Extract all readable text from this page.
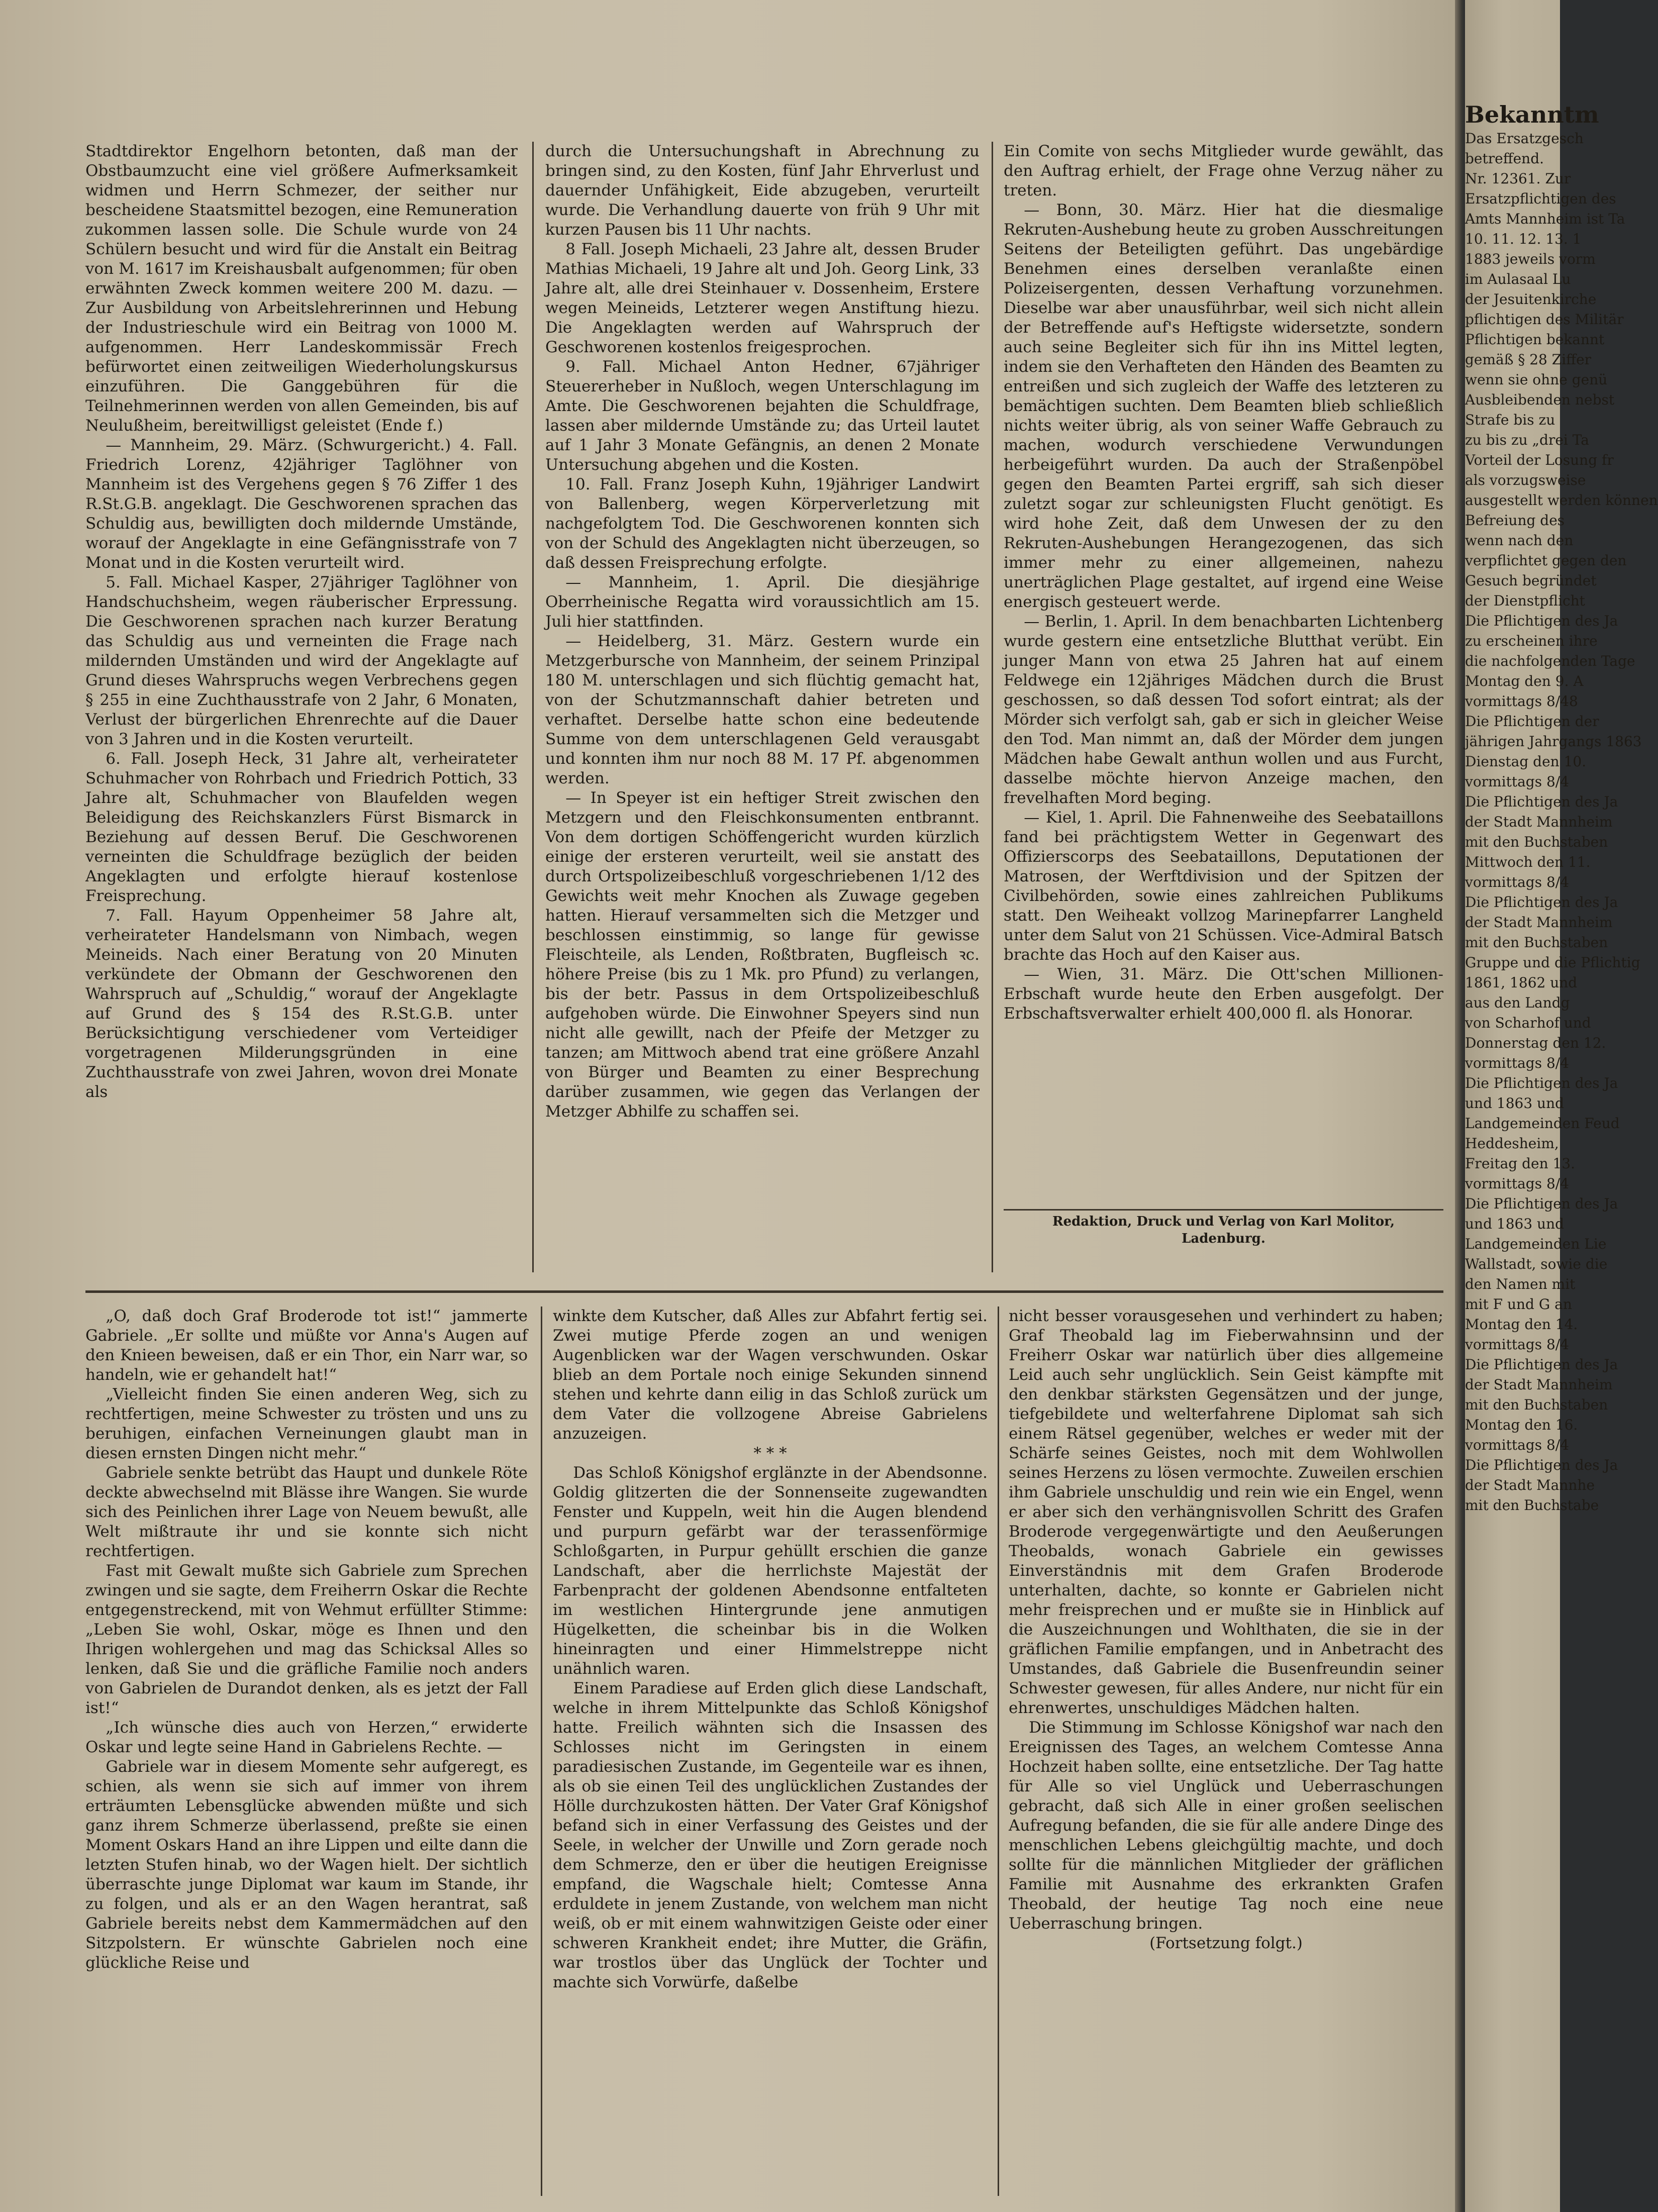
Stadtdirektor Engelhorn betonten, daß man der Obstbaumzucht eine viel größere Aufmerksamkeit widmen und Herrn Schmezer, der seither nur bescheidene Staatsmittel bezogen, eine Remuneration zukommen lassen solle. Die Schule wurde von 24 Schülern besucht und wird für die Anstalt ein Beitrag von M. 1617 im Kreishausbalt aufgenommen; für oben erwähnten Zweck kommen weitere 200 M. dazu. — Zur Ausbildung von Arbeitslehrerinnen und Hebung der Industrieschule wird ein Beitrag von 1000 M. aufgenommen. Herr Landeskommissär Frech befürwortet einen zeitweiligen Wiederholungskursus einzuführen. Die Ganggebühren für die Teilnehmerinnen werden von allen Gemeinden, bis auf Neulußheim, bereitwilligst geleistet (Ende f.)

— Mannheim, 29. März. (Schwurgericht.) 4. Fall. Friedrich Lorenz, 42jähriger Taglöhner von Mannheim ist des Vergehens gegen § 76 Ziffer 1 des R.St.G.B. angeklagt. Die Geschworenen sprachen das Schuldig aus, bewilligten doch mildernde Umstände, worauf der Angeklagte in eine Gefängnisstrafe von 7 Monat und in die Kosten verurteilt wird.

5. Fall. Michael Kasper, 27jähriger Taglöhner von Handschuchsheim, wegen räuberischer Erpressung. Die Geschworenen sprachen nach kurzer Beratung das Schuldig aus und verneinten die Frage nach mildernden Umständen und wird der Angeklagte auf Grund dieses Wahrspruchs wegen Verbrechens gegen § 255 in eine Zuchthausstrafe von 2 Jahr, 6 Monaten, Verlust der bürgerlichen Ehrenrechte auf die Dauer von 3 Jahren und in die Kosten verurteilt.

6. Fall. Joseph Heck, 31 Jahre alt, verheirateter Schuhmacher von Rohrbach und Friedrich Pottich, 33 Jahre alt, Schuhmacher von Blaufelden wegen Beleidigung des Reichskanzlers Fürst Bismarck in Beziehung auf dessen Beruf. Die Geschworenen verneinten die Schuldfrage bezüglich der beiden Angeklagten und erfolgte hierauf kostenlose Freisprechung.

7. Fall. Hayum Oppenheimer 58 Jahre alt, verheirateter Handelsmann von Nimbach, wegen Meineids. Nach einer Beratung von 20 Minuten verkündete der Obmann der Geschworenen den Wahrspruch auf „Schuldig,“ worauf der Angeklagte auf Grund des § 154 des R.St.G.B. unter Berücksichtigung verschiedener vom Verteidiger vorgetragenen Milderungsgründen in eine Zuchthausstrafe von zwei Jahren, wovon drei Monate als

durch die Untersuchungshaft in Abrechnung zu bringen sind, zu den Kosten, fünf Jahr Ehrverlust und dauernder Unfähigkeit, Eide abzugeben, verurteilt wurde. Die Verhandlung dauerte von früh 9 Uhr mit kurzen Pausen bis 11 Uhr nachts.

8 Fall. Joseph Michaeli, 23 Jahre alt, dessen Bruder Mathias Michaeli, 19 Jahre alt und Joh. Georg Link, 33 Jahre alt, alle drei Steinhauer v. Dossenheim, Erstere wegen Meineids, Letzterer wegen Anstiftung hiezu. Die Angeklagten werden auf Wahrspruch der Geschworenen kostenlos freigesprochen.

9. Fall. Michael Anton Hedner, 67jähriger Steuererheber in Nußloch, wegen Unterschlagung im Amte. Die Geschworenen bejahten die Schuldfrage, lassen aber mildernde Umstände zu; das Urteil lautet auf 1 Jahr 3 Monate Gefängnis, an denen 2 Monate Untersuchung abgehen und die Kosten.

10. Fall. Franz Joseph Kuhn, 19jähriger Landwirt von Ballenberg, wegen Körperverletzung mit nachgefolgtem Tod. Die Geschworenen konnten sich von der Schuld des Angeklagten nicht überzeugen, so daß dessen Freisprechung erfolgte.

— Mannheim, 1. April. Die diesjährige Oberrheinische Regatta wird voraussichtlich am 15. Juli hier stattfinden.

— Heidelberg, 31. März. Gestern wurde ein Metzgerbursche von Mannheim, der seinem Prinzipal 180 M. unterschlagen und sich flüchtig gemacht hat, von der Schutzmannschaft dahier betreten und verhaftet. Derselbe hatte schon eine bedeutende Summe von dem unterschlagenen Geld verausgabt und konnten ihm nur noch 88 M. 17 Pf. abgenommen werden.

— In Speyer ist ein heftiger Streit zwischen den Metzgern und den Fleischkonsumenten entbrannt. Von dem dortigen Schöffengericht wurden kürzlich einige der ersteren verurteilt, weil sie anstatt des durch Ortspolizeibeschluß vorgeschriebenen 1/12 des Gewichts weit mehr Knochen als Zuwage gegeben hatten. Hierauf versammelten sich die Metzger und beschlossen einstimmig, so lange für gewisse Fleischteile, als Lenden, Roßtbraten, Bugfleisch ꝛc. höhere Preise (bis zu 1 Mk. pro Pfund) zu verlangen, bis der betr. Passus in dem Ortspolizeibeschluß aufgehoben würde. Die Einwohner Speyers sind nun nicht alle gewillt, nach der Pfeife der Metzger zu tanzen; am Mittwoch abend trat eine größere Anzahl von Bürger und Beamten zu einer Besprechung darüber zusammen, wie gegen das Verlangen der Metzger Abhilfe zu schaffen sei.

Ein Comite von sechs Mitglieder wurde gewählt, das den Auftrag erhielt, der Frage ohne Verzug näher zu treten.

— Bonn, 30. März. Hier hat die diesmalige Rekruten-Aushebung heute zu groben Ausschreitungen Seitens der Beteiligten geführt. Das ungebärdige Benehmen eines derselben veranlaßte einen Polizeisergenten, dessen Verhaftung vorzunehmen. Dieselbe war aber unausführbar, weil sich nicht allein der Betreffende auf's Heftigste widersetzte, sondern auch seine Begleiter sich für ihn ins Mittel legten, indem sie den Verhafteten den Händen des Beamten zu entreißen und sich zugleich der Waffe des letzteren zu bemächtigen suchten. Dem Beamten blieb schließlich nichts weiter übrig, als von seiner Waffe Gebrauch zu machen, wodurch verschiedene Verwundungen herbeigeführt wurden. Da auch der Straßenpöbel gegen den Beamten Partei ergriff, sah sich dieser zuletzt sogar zur schleunigsten Flucht genötigt. Es wird hohe Zeit, daß dem Unwesen der zu den Rekruten-Aushebungen Herangezogenen, das sich immer mehr zu einer allgemeinen, nahezu unerträglichen Plage gestaltet, auf irgend eine Weise energisch gesteuert werde.

— Berlin, 1. April. In dem benachbarten Lichtenberg wurde gestern eine entsetzliche Blutthat verübt. Ein junger Mann von etwa 25 Jahren hat auf einem Feldwege ein 12jähriges Mädchen durch die Brust geschossen, so daß dessen Tod sofort eintrat; als der Mörder sich verfolgt sah, gab er sich in gleicher Weise den Tod. Man nimmt an, daß der Mörder dem jungen Mädchen habe Gewalt anthun wollen und aus Furcht, dasselbe möchte hiervon Anzeige machen, den frevelhaften Mord beging.

— Kiel, 1. April. Die Fahnenweihe des Seebataillons fand bei prächtigstem Wetter in Gegenwart des Offizierscorps des Seebataillons, Deputationen der Matrosen, der Werftdivision und der Spitzen der Civilbehörden, sowie eines zahlreichen Publikums statt. Den Weiheakt vollzog Marinepfarrer Langheld unter dem Salut von 21 Schüssen. Vice-Admiral Batsch brachte das Hoch auf den Kaiser aus.

— Wien, 31. März. Die Ott'schen Millionen-Erbschaft wurde heute den Erben ausgefolgt. Der Erbschaftsverwalter erhielt 400,000 fl. als Honorar.

Redaktion, Druck und Verlag von Karl Molitor,
Ladenburg.

„O, daß doch Graf Broderode tot ist!“ jammerte Gabriele. „Er sollte und müßte vor Anna's Augen auf den Knieen beweisen, daß er ein Thor, ein Narr war, so handeln, wie er gehandelt hat!“

„Vielleicht finden Sie einen anderen Weg, sich zu rechtfertigen, meine Schwester zu trösten und uns zu beruhigen, einfachen Verneinungen glaubt man in diesen ernsten Dingen nicht mehr.“

Gabriele senkte betrübt das Haupt und dunkele Röte deckte abwechselnd mit Blässe ihre Wangen. Sie wurde sich des Peinlichen ihrer Lage von Neuem bewußt, alle Welt mißtraute ihr und sie konnte sich nicht rechtfertigen.

Fast mit Gewalt mußte sich Gabriele zum Sprechen zwingen und sie sagte, dem Freiherrn Oskar die Rechte entgegenstreckend, mit von Wehmut erfüllter Stimme: „Leben Sie wohl, Oskar, möge es Ihnen und den Ihrigen wohlergehen und mag das Schicksal Alles so lenken, daß Sie und die gräfliche Familie noch anders von Gabrielen de Durandot denken, als es jetzt der Fall ist!“

„Ich wünsche dies auch von Herzen,“ erwiderte Oskar und legte seine Hand in Gabrielens Rechte. —

Gabriele war in diesem Momente sehr aufgeregt, es schien, als wenn sie sich auf immer von ihrem erträumten Lebensglücke abwenden müßte und sich ganz ihrem Schmerze überlassend, preßte sie einen Moment Oskars Hand an ihre Lippen und eilte dann die letzten Stufen hinab, wo der Wagen hielt. Der sichtlich überraschte junge Diplomat war kaum im Stande, ihr zu folgen, und als er an den Wagen herantrat, saß Gabriele bereits nebst dem Kammermädchen auf den Sitzpolstern. Er wünschte Gabrielen noch eine glückliche Reise und

winkte dem Kutscher, daß Alles zur Abfahrt fertig sei. Zwei mutige Pferde zogen an und wenigen Augenblicken war der Wagen verschwunden. Oskar blieb an dem Portale noch einige Sekunden sinnend stehen und kehrte dann eilig in das Schloß zurück um dem Vater die vollzogene Abreise Gabrielens anzuzeigen.

* * *

Das Schloß Königshof erglänzte in der Abendsonne. Goldig glitzerten die der Sonnenseite zugewandten Fenster und Kuppeln, weit hin die Augen blendend und purpurn gefärbt war der terassenförmige Schloßgarten, in Purpur gehüllt erschien die ganze Landschaft, aber die herrlichste Majestät der Farbenpracht der goldenen Abendsonne entfalteten im westlichen Hintergrunde jene anmutigen Hügelketten, die scheinbar bis in die Wolken hineinragten und einer Himmelstreppe nicht unähnlich waren.

Einem Paradiese auf Erden glich diese Landschaft, welche in ihrem Mittelpunkte das Schloß Königshof hatte. Freilich wähnten sich die Insassen des Schlosses nicht im Geringsten in einem paradiesischen Zustande, im Gegenteile war es ihnen, als ob sie einen Teil des unglücklichen Zustandes der Hölle durchzukosten hätten. Der Vater Graf Königshof befand sich in einer Verfassung des Geistes und der Seele, in welcher der Unwille und Zorn gerade noch dem Schmerze, den er über die heutigen Ereignisse empfand, die Wagschale hielt; Comtesse Anna erduldete in jenem Zustande, von welchem man nicht weiß, ob er mit einem wahnwitzigen Geiste oder einer schweren Krankheit endet; ihre Mutter, die Gräfin, war trostlos über das Unglück der Tochter und machte sich Vorwürfe, daßelbe

nicht besser vorausgesehen und verhindert zu haben; Graf Theobald lag im Fieberwahnsinn und der Freiherr Oskar war natürlich über dies allgemeine Leid auch sehr unglücklich. Sein Geist kämpfte mit den denkbar stärksten Gegensätzen und der junge, tiefgebildete und welterfahrene Diplomat sah sich einem Rätsel gegenüber, welches er weder mit der Schärfe seines Geistes, noch mit dem Wohlwollen seines Herzens zu lösen vermochte. Zuweilen erschien ihm Gabriele unschuldig und rein wie ein Engel, wenn er aber sich den verhängnisvollen Schritt des Grafen Broderode vergegenwärtigte und den Aeußerungen Theobalds, wonach Gabriele ein gewisses Einverständnis mit dem Grafen Broderode unterhalten, dachte, so konnte er Gabrielen nicht mehr freisprechen und er mußte sie in Hinblick auf die Auszeichnungen und Wohlthaten, die sie in der gräflichen Familie empfangen, und in Anbetracht des Umstandes, daß Gabriele die Busenfreundin seiner Schwester gewesen, für alles Andere, nur nicht für ein ehrenwertes, unschuldiges Mädchen halten.

Die Stimmung im Schlosse Königshof war nach den Ereignissen des Tages, an welchem Comtesse Anna Hochzeit haben sollte, eine entsetzliche. Der Tag hatte für Alle so viel Unglück und Ueberraschungen gebracht, daß sich Alle in einer großen seelischen Aufregung befanden, die sie für alle andere Dinge des menschlichen Lebens gleichgültig machte, und doch sollte für die männlichen Mitglieder der gräflichen Familie mit Ausnahme des erkrankten Grafen Theobald, der heutige Tag noch eine neue Ueberraschung bringen.

(Fortsetzung folgt.)

Bekanntm
Das Ersatzgesch
betreffend.
Nr. 12361. Zur
Ersatzpflichtigen des
Amts Mannheim ist Ta
10. 11. 12. 13. 1
1883 jeweils vorm
im Aulasaal Lu
der Jesuitenkirche
pflichtigen des Militär
Pflichtigen bekannt
gemäß § 28 Ziffer
wenn sie ohne genü
Ausbleibenden nebst
Strafe bis zu
zu bis zu „drei Ta
Vorteil der Losung fr
als vorzugsweise
ausgestellt werden können
Befreiung des
wenn nach den
verpflichtet gegen den
Gesuch begründet
der Dienstpflicht
Die Pflichtigen des Ja
zu erscheinen ihre
die nachfolgenden Tage
Montag den 9. A
vormittags 8/48
Die Pflichtigen der
jährigen Jahrgangs 1863
Dienstag den 10.
vormittags 8/4
Die Pflichtigen des Ja
der Stadt Mannheim
mit den Buchstaben
Mittwoch den 11.
vormittags 8/4
Die Pflichtigen des Ja
der Stadt Mannheim
mit den Buchstaben
Gruppe und die Pflichtig
1861, 1862 und
aus den Landg
von Scharhof und
Donnerstag den 12.
vormittags 8/4
Die Pflichtigen des Ja
und 1863 und
Landgemeinden Feud
Heddesheim,
Freitag den 13.
vormittags 8/4
Die Pflichtigen des Ja
und 1863 und
Landgemeinden Lie
Wallstadt, sowie die
den Namen mit
mit F und G an
Montag den 14.
vormittags 8/4
Die Pflichtigen des Ja
der Stadt Mannheim
mit den Buchstaben
Montag den 16.
vormittags 8/4
Die Pflichtigen des Ja
der Stadt Mannhe
mit den Buchstabe
